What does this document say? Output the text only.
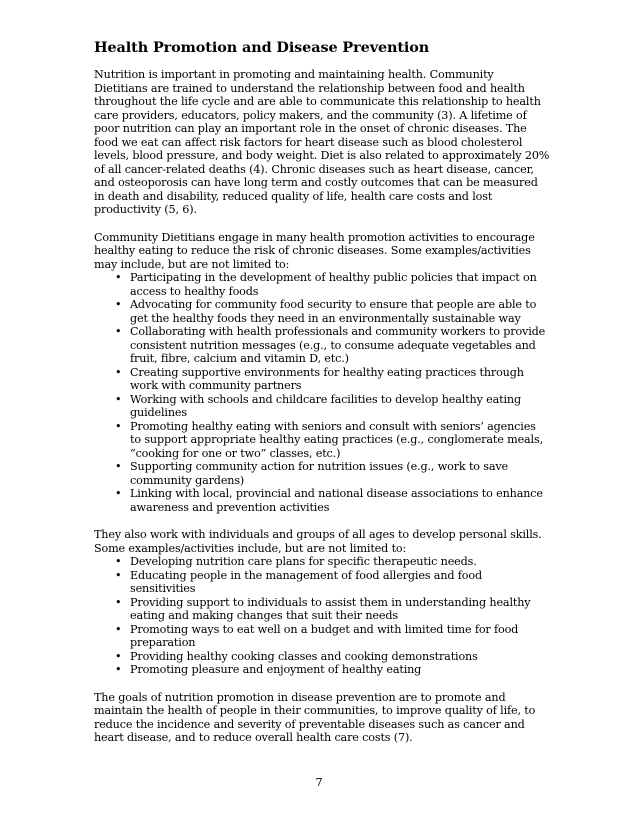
Health Promotion and Disease Prevention

Nutrition is important in promoting and maintaining health. Community Dietitians are trained to understand the relationship between food and health throughout the life cycle and are able to communicate this relationship to health care providers, educators, policy makers, and the community (3). A lifetime of poor nutrition can play an important role in the onset of chronic diseases. The food we eat can affect risk factors for heart disease such as blood cholesterol levels, blood pressure, and body weight. Diet is also related to approximately 20% of all cancer-related deaths (4). Chronic diseases such as heart disease, cancer, and osteoporosis can have long term and costly outcomes that can be measured in death and disability, reduced quality of life, health care costs and lost productivity (5, 6).

Community Dietitians engage in many health promotion activities to encourage healthy eating to reduce the risk of chronic diseases. Some examples/activities may include, but are not limited to:

• Participating in the development of healthy public policies that impact on access to healthy foods
• Advocating for community food security to ensure that people are able to get the healthy foods they need in an environmentally sustainable way
• Collaborating with health professionals and community workers to provide consistent nutrition messages (e.g., to consume adequate vegetables and fruit, fibre, calcium and vitamin D, etc.)
• Creating supportive environments for healthy eating practices through work with community partners
• Working with schools and childcare facilities to develop healthy eating guidelines
• Promoting healthy eating with seniors and consult with seniors’ agencies to support appropriate healthy eating practices (e.g., conglomerate meals, “cooking for one or two” classes, etc.)
• Supporting community action for nutrition issues (e.g., work to save community gardens)
• Linking with local, provincial and national disease associations to enhance awareness and prevention activities

They also work with individuals and groups of all ages to develop personal skills. Some examples/activities include, but are not limited to:

• Developing nutrition care plans for specific therapeutic needs.
• Educating people in the management of food allergies and food sensitivities
• Providing support to individuals to assist them in understanding healthy eating and making changes that suit their needs
• Promoting ways to eat well on a budget and with limited time for food preparation
• Providing healthy cooking classes and cooking demonstrations
• Promoting pleasure and enjoyment of healthy eating

The goals of nutrition promotion in disease prevention are to promote and maintain the health of people in their communities, to improve quality of life, to reduce the incidence and severity of preventable diseases such as cancer and heart disease, and to reduce overall health care costs (7).

7
